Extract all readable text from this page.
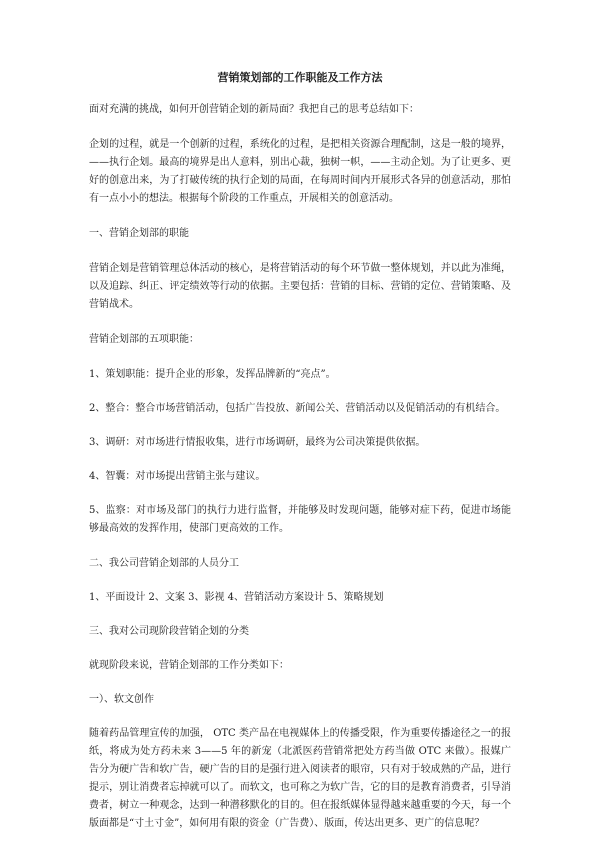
营销策划部的工作职能及工作方法

面对充满的挑战，如何开创营销企划的新局面？我把自己的思考总结如下：

企划的过程，就是一个创新的过程，系统化的过程，是把相关资源合理配制，这是一般的境界，——执行企划。最高的境界是出人意料，别出心裁，独树一帜，——主动企划。为了让更多、更好的创意出来，为了打破传统的执行企划的局面，在每周时间内开展形式各异的创意活动，那怕有一点小小的想法。根据每个阶段的工作重点，开展相关的创意活动。

一、营销企划部的职能

营销企划是营销管理总体活动的核心，是将营销活动的每个环节做一整体规划，并以此为准绳，以及追踪、纠正、评定绩效等行动的依据。主要包括：营销的目标、营销的定位、营销策略、及营销战术。

营销企划部的五项职能：

1、策划职能：提升企业的形象，发挥品牌新的“亮点”。

2、整合：整合市场营销活动，包括广告投放、新闻公关、营销活动以及促销活动的有机结合。

3、调研：对市场进行情报收集，进行市场调研，最终为公司决策提供依据。

4、智囊：对市场提出营销主张与建议。

5、监察：对市场及部门的执行力进行监督，并能够及时发现问题，能够对症下药，促进市场能够最高效的发挥作用，使部门更高效的工作。

二、我公司营销企划部的人员分工

1、平面设计 2、文案 3、影视 4、营销活动方案设计 5、策略规划

三、我对公司现阶段营销企划的分类

就现阶段来说，营销企划部的工作分类如下：

一）、软文创作

随着药品管理宣传的加强， OTC 类产品在电视媒体上的传播受限，作为重要传播途径之一的报纸，将成为处方药未来 3——5 年的新宠（北派医药营销常把处方药当做 OTC 来做）。报媒广告分为硬广告和软广告，硬广告的目的是强行进入阅读者的眼帘，只有对于较成熟的产品，进行提示，别让消费者忘掉就可以了。而软文，也可称之为软广告，它的目的是教育消费者，引导消费者，树立一种观念，达到一种潜移默化的目的。但在报纸媒体显得越来越重要的今天，每一个版面都是“寸土寸金”，如何用有限的资金（广告费）、版面，传达出更多、更广的信息呢？
